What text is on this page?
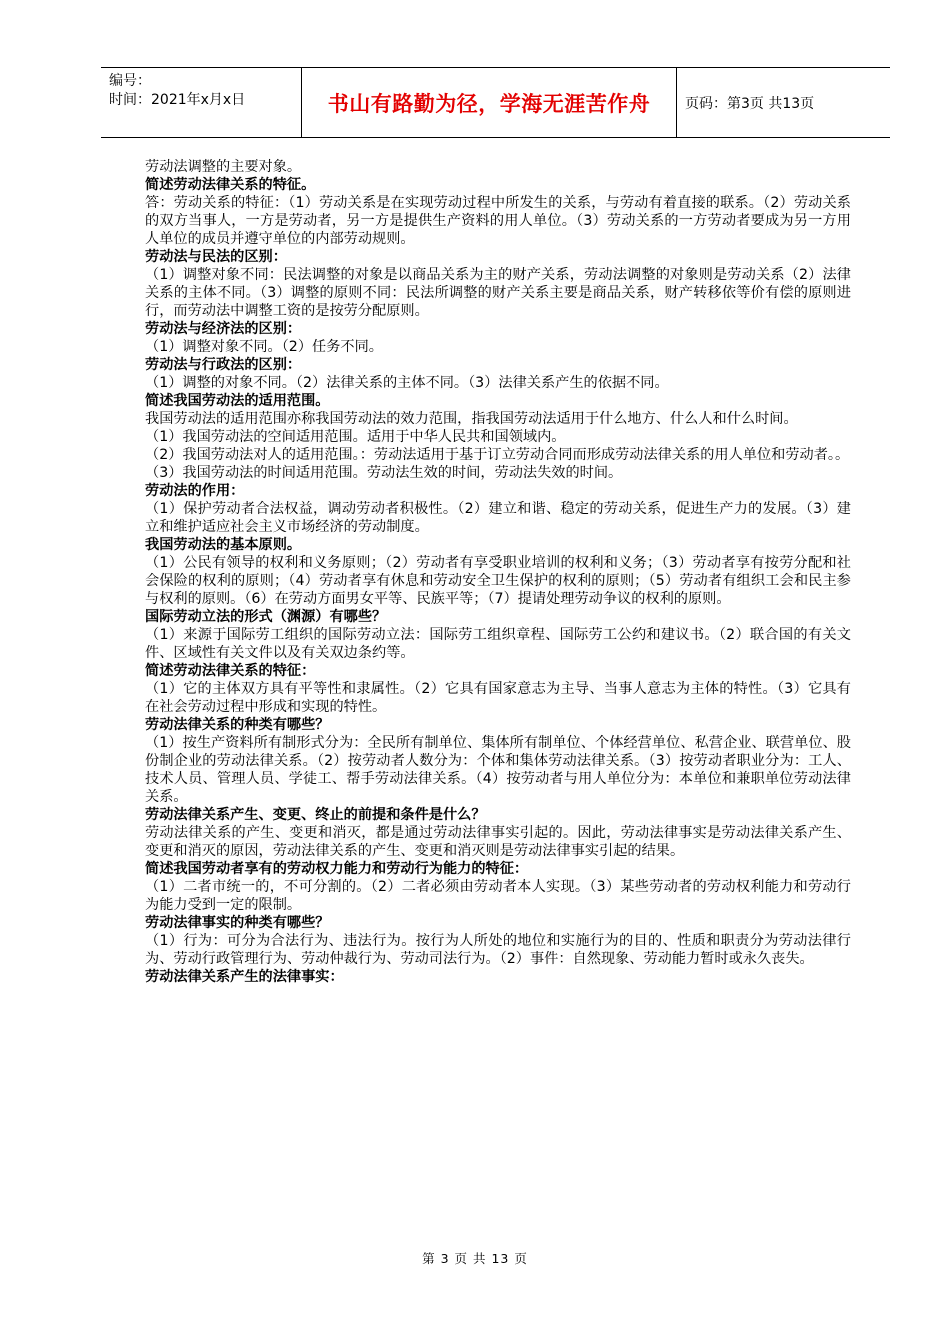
编号：
时间：2021年x月x日	书山有路勤为径，学海无涯苦作舟 页码：第3页 共13页

劳动法调整的主要对象。

简述劳动法律关系的特征。

答：劳动关系的特征：（1）劳动关系是在实现劳动过程中所发生的关系，与劳动有着直接的联系。（2）劳动关系的双方当事人，一方是劳动者，另一方是提供生产资料的用人单位。（3）劳动关系的一方劳动者要成为另一方用人单位的成员并遵守单位的内部劳动规则。

劳动法与民法的区别：

（1）调整对象不同：民法调整的对象是以商品关系为主的财产关系，劳动法调整的对象则是劳动关系（2）法律关系的主体不同。（3）调整的原则不同：民法所调整的财产关系主要是商品关系，财产转移依等价有偿的原则进行，而劳动法中调整工资的是按劳分配原则。

劳动法与经济法的区别：

（1）调整对象不同。（2）任务不同。

劳动法与行政法的区别：

（1）调整的对象不同。（2）法律关系的主体不同。（3）法律关系产生的依据不同。

简述我国劳动法的适用范围。

我国劳动法的适用范围亦称我国劳动法的效力范围，指我国劳动法适用于什么地方、什么人和什么时间。

（1）我国劳动法的空间适用范围。适用于中华人民共和国领域内。

（2）我国劳动法对人的适用范围。：劳动法适用于基于订立劳动合同而形成劳动法律关系的用人单位和劳动者。。

（3）我国劳动法的时间适用范围。劳动法生效的时间，劳动法失效的时间。

劳动法的作用：

（1）保护劳动者合法权益，调动劳动者积极性。（2）建立和谐、稳定的劳动关系，促进生产力的发展。（3）建立和维护适应社会主义市场经济的劳动制度。

我国劳动法的基本原则。

（1）公民有领导的权利和义务原则；（2）劳动者有享受职业培训的权利和义务；（3）劳动者享有按劳分配和社会保险的权利的原则；（4）劳动者享有休息和劳动安全卫生保护的权利的原则；（5）劳动者有组织工会和民主参与权利的原则。（6）在劳动方面男女平等、民族平等；（7）提请处理劳动争议的权利的原则。

国际劳动立法的形式（渊源）有哪些？

（1）来源于国际劳工组织的国际劳动立法：国际劳工组织章程、国际劳工公约和建议书。（2）联合国的有关文件、区域性有关文件以及有关双边条约等。

简述劳动法律关系的特征：

（1）它的主体双方具有平等性和隶属性。（2）它具有国家意志为主导、当事人意志为主体的特性。（3）它具有在社会劳动过程中形成和实现的特性。

劳动法律关系的种类有哪些？

（1）按生产资料所有制形式分为：全民所有制单位、集体所有制单位、个体经营单位、私营企业、联营单位、股份制企业的劳动法律关系。（2）按劳动者人数分为：个体和集体劳动法律关系。（3）按劳动者职业分为：工人、技术人员、管理人员、学徒工、帮手劳动法律关系。（4）按劳动者与用人单位分为：本单位和兼职单位劳动法律关系。

劳动法律关系产生、变更、终止的前提和条件是什么？

劳动法律关系的产生、变更和消灭，都是通过劳动法律事实引起的。因此，劳动法律事实是劳动法律关系产生、变更和消灭的原因，劳动法律关系的产生、变更和消灭则是劳动法律事实引起的结果。

简述我国劳动者享有的劳动权力能力和劳动行为能力的特征：

（1）二者市统一的，不可分割的。（2）二者必须由劳动者本人实现。（3）某些劳动者的劳动权利能力和劳动行为能力受到一定的限制。

劳动法律事实的种类有哪些？

（1）行为：可分为合法行为、违法行为。按行为人所处的地位和实施行为的目的、性质和职责分为劳动法律行为、劳动行政管理行为、劳动仲裁行为、劳动司法行为。（2）事件：自然现象、劳动能力暂时或永久丧失。

劳动法律关系产生的法律事实：
第 3 页 共 13 页
